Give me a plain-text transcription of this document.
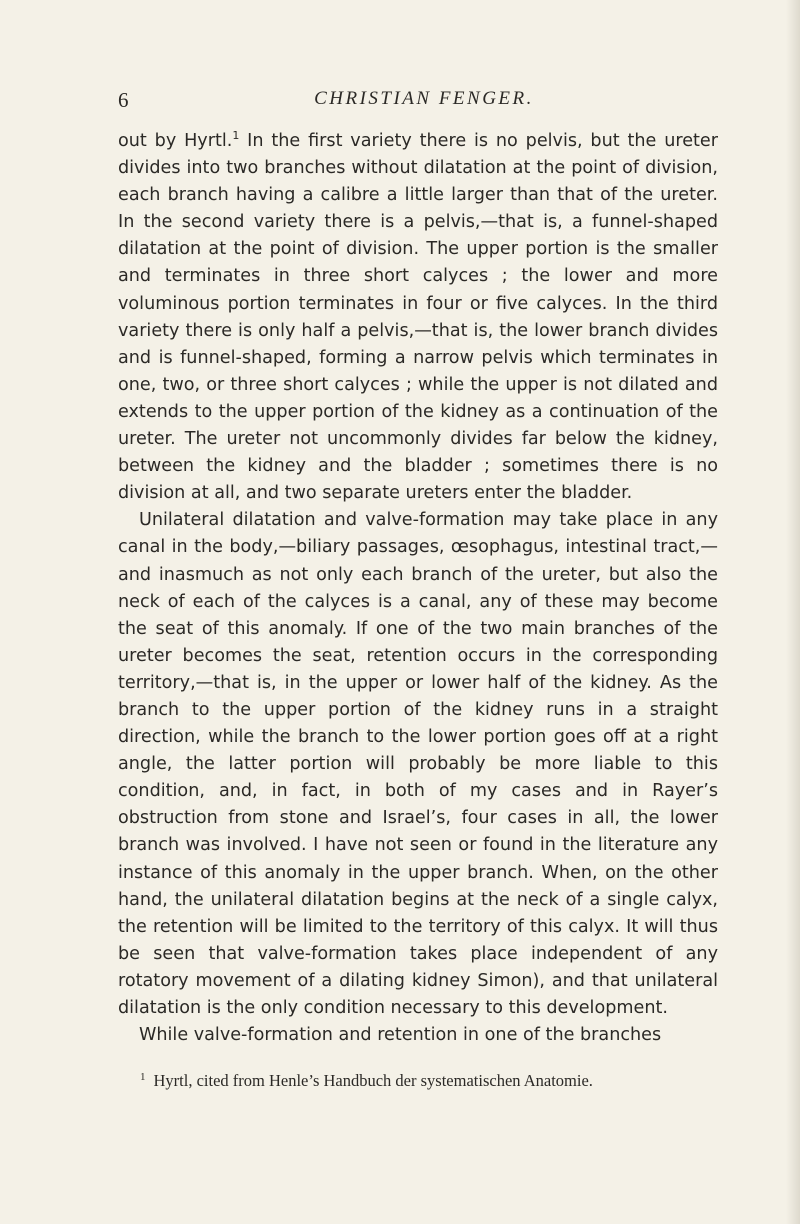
6	CHRISTIAN FENGER.

out by Hyrtl.$^1$ In the first variety there is no pelvis, but the ureter divides into two branches without dilatation at the point of division, each branch having a calibre a little larger than that of the ureter. In the second variety there is a pelvis,—that is, a funnel-shaped dilatation at the point of division. The upper portion is the smaller and terminates in three short calyces ; the lower and more voluminous portion terminates in four or five calyces. In the third variety there is only half a pelvis,—that is, the lower branch divides and is funnel-shaped, forming a narrow pelvis which terminates in one, two, or three short calyces ; while the upper is not dilated and extends to the upper portion of the kidney as a continuation of the ureter. The ureter not uncommonly divides far below the kidney, between the kidney and the bladder ; sometimes there is no division at all, and two separate ureters enter the bladder.

Unilateral dilatation and valve-formation may take place in any canal in the body,—biliary passages, œsophagus, intestinal tract,—and inasmuch as not only each branch of the ureter, but also the neck of each of the calyces is a canal, any of these may become the seat of this anomaly. If one of the two main branches of the ureter becomes the seat, retention occurs in the corresponding territory,—that is, in the upper or lower half of the kidney. As the branch to the upper portion of the kidney runs in a straight direction, while the branch to the lower portion goes off at a right angle, the latter portion will probably be more liable to this condition, and, in fact, in both of my cases and in Rayer’s obstruction from stone and Israel’s, four cases in all, the lower branch was involved. I have not seen or found in the literature any instance of this anomaly in the upper branch. When, on the other hand, the unilateral dilatation begins at the neck of a single calyx, the retention will be limited to the territory of this calyx. It will thus be seen that valve-formation takes place independent of any rotatory movement of a dilating kidney Simon), and that unilateral dilatation is the only condition necessary to this development.

While valve-formation and retention in one of the branches

$^1$ Hyrtl, cited from Henle’s Handbuch der systematischen Anatomie.
